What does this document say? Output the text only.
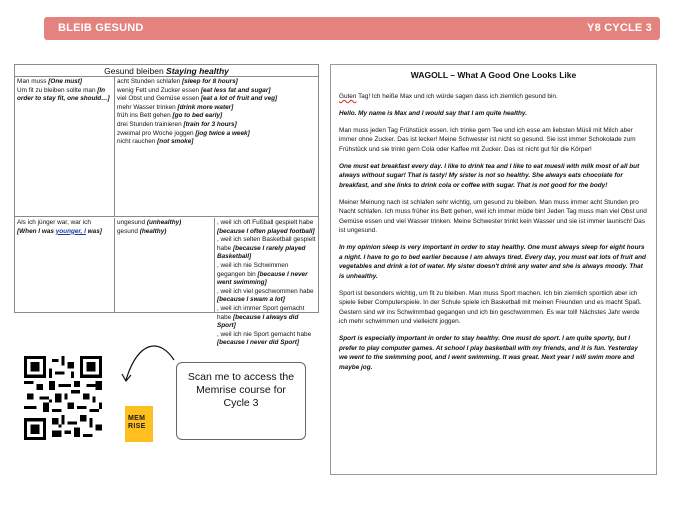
BLEIB GESUND	Y8 CYCLE 3
Gesund bleiben Staying healthy
Man muss [One must]
Um fit zu bleiben sollte man [In order to stay fit, one should…]
acht Stunden schlafen [sleep for 8 hours]
wenig Fett und Zucker essen [eat less fat and sugar]
viel Obst und Gemüse essen [eat a lot of fruit and veg]
mehr Wasser trinken [drink more water]
früh ins Bett gehen [go to bed early]
drei Stunden trainieren [train for 3 hours]
zweimal pro Woche joggen [jog twice a week]
nicht rauchen [not smoke]
Als ich jünger war, war ich
[When I was younger, I was]
ungesund (unhealthy)
gesund (healthy)
, weil ich oft Fußball gespielt habe [because I often played football]
, weil ich selten Basketball gespielt habe [because I rarely played Basketball]
, weil ich nie Schwimmen gegangen bin [because I never went swimming]
, weil ich viel geschwommen habe [because I swam a lot]
, weil ich immer Sport gemacht habe [because I always did Sport]
, weil ich nie Sport gemacht habe [because I never did Sport]
Scan me to access the Memrise course for Cycle 3
MEM RISE
WAGOLL – What A Good One Looks Like

Guten Tag! Ich heiße Max und ich würde sagen dass ich ziemlich gesund bin.

Hello. My name is Max and I would say that I am quite healthy.

Man muss jeden Tag Frühstück essen. Ich trinke gern Tee und ich esse am liebsten Müsli mit Milch aber immer ohne Zucker. Das ist lecker! Meine Schwester ist nicht so gesund. Sie isst immer Schokolade zum Frühstück und sie trinkt gern Cola oder Kaffee mit Zucker. Das ist nicht gut für die Körper!

One must eat breakfast every day. I like to drink tea and I like to eat muesli with milk most of all but always without sugar! That is tasty! My sister is not so healthy. She always eats chocolate for breakfast, and she links to drink cola or coffee with sugar. That is not good for the body!

Meiner Meinung nach ist schlafen sehr wichtig, um gesund zu bleiben. Man muss immer acht Stunden pro Nacht schlafen. Ich muss früher ins Bett gehen, weil ich immer müde bin! Jeden Tag muss man viel Obst und Gemüse essen und viel Wasser trinken. Meine Schwester trinkt kein Wasser und sie ist immer launisch! Das ist ungesund.

In my opinion sleep is very important in order to stay healthy. One must always sleep for eight hours a night. I have to go to bed earlier because I am always tired. Every day, you must eat lots of fruit and vegetables and drink a lot of water. My sister doesn't drink any water and she is always moody. That is unhealthy.

Sport ist besonders wichtig, um fit zu bleiben. Man muss Sport machen. Ich bin ziemlich sportlich aber ich spiele lieber Computerspiele. In der Schule spiele ich Basketball mit meinen Freunden und es macht Spaß. Gestern sind wir ins Schwimmbad gegangen und ich bin geschwommen. Es war toll! Nächstes Jahr werde ich mehr schwimmen und vielleicht joggen.

Sport is especially important in order to stay healthy. One must do sport. I am quite sporty, but I prefer to play computer games. At school I play basketball with my friends, and it is fun. Yesterday we went to the swimming pool, and I went swimming. It was great. Next year I will swim more and maybe jog.
